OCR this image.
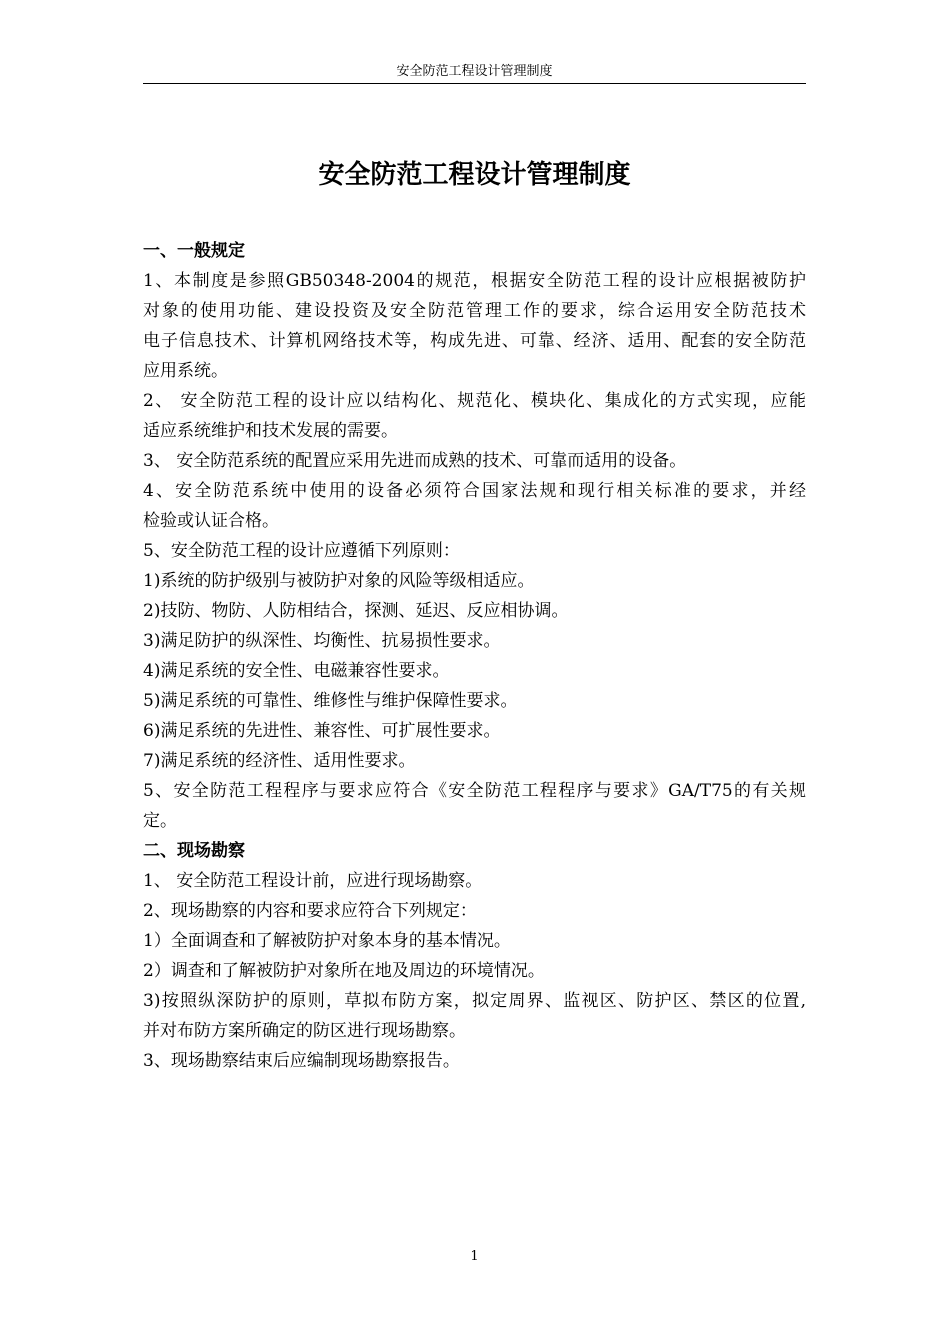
安全防范工程设计管理制度
安全防范工程设计管理制度
一、一般规定
1、本制度是参照GB50348-2004的规范，根据安全防范工程的设计应根据被防护
对象的使用功能、建设投资及安全防范管理工作的要求，综合运用安全防范技术
电子信息技术、计算机网络技术等，构成先进、可靠、经济、适用、配套的安全防范
应用系统。
2、 安全防范工程的设计应以结构化、规范化、模块化、集成化的方式实现，应能
适应系统维护和技术发展的需要。
3、 安全防范系统的配置应采用先进而成熟的技术、可靠而适用的设备。
4、安全防范系统中使用的设备必须符合国家法规和现行相关标准的要求，并经
检验或认证合格。
5、安全防范工程的设计应遵循下列原则：
1)系统的防护级别与被防护对象的风险等级相适应。
2)技防、物防、人防相结合，探测、延迟、反应相协调。
3)满足防护的纵深性、均衡性、抗易损性要求。
4)满足系统的安全性、电磁兼容性要求。
5)满足系统的可靠性、维修性与维护保障性要求。
6)满足系统的先进性、兼容性、可扩展性要求。
7)满足系统的经济性、适用性要求。
5、安全防范工程程序与要求应符合《安全防范工程程序与要求》GA/T75的有关规
定。
二、现场勘察
1、 安全防范工程设计前，应进行现场勘察。
2、现场勘察的内容和要求应符合下列规定：
1）全面调查和了解被防护对象本身的基本情况。
2）调查和了解被防护对象所在地及周边的环境情况。
3)按照纵深防护的原则，草拟布防方案，拟定周界、监视区、防护区、禁区的位置,
并对布防方案所确定的防区进行现场勘察。
3、现场勘察结束后应编制现场勘察报告。
1
